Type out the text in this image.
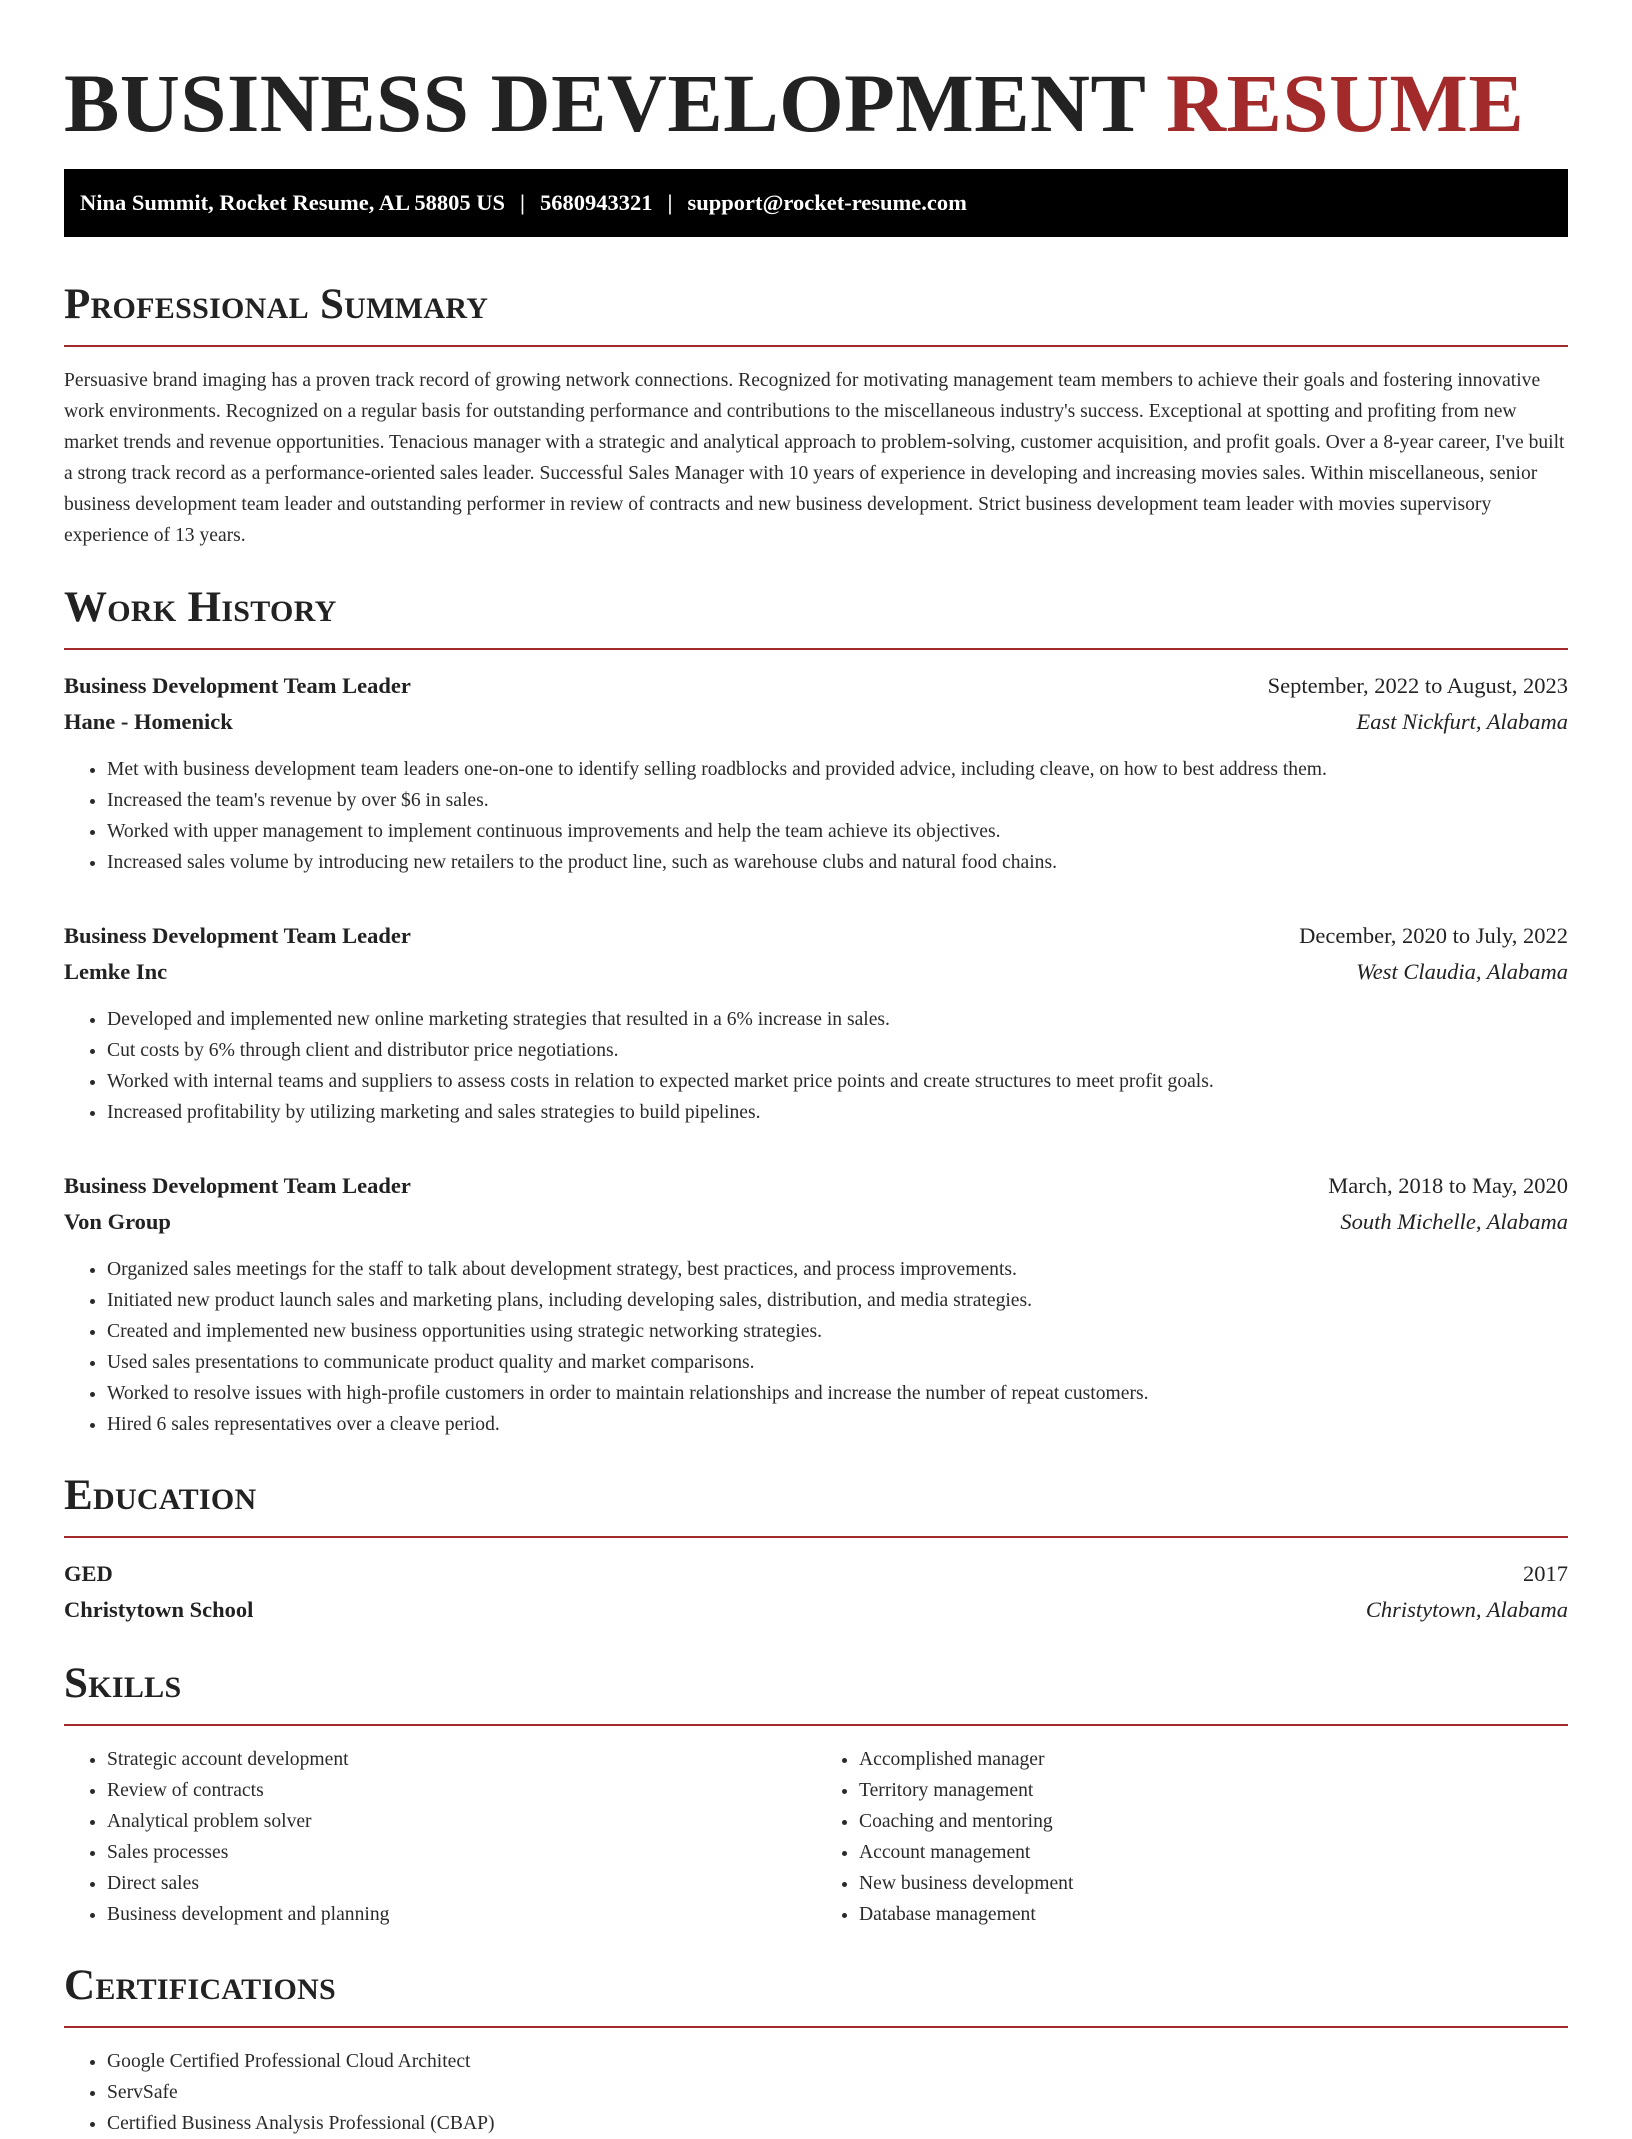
BUSINESS DEVELOPMENT RESUME
Nina Summit, Rocket Resume, AL 58805 US | 5680943321 | support@rocket-resume.com
Professional Summary

Persuasive brand imaging has a proven track record of growing network connections. Recognized for motivating management team members to achieve their goals and fostering innovative work environments. Recognized on a regular basis for outstanding performance and contributions to the miscellaneous industry's success. Exceptional at spotting and profiting from new market trends and revenue opportunities. Tenacious manager with a strategic and analytical approach to problem-solving, customer acquisition, and profit goals. Over a 8-year career, I've built a strong track record as a performance-oriented sales leader. Successful Sales Manager with 10 years of experience in developing and increasing movies sales. Within miscellaneous, senior business development team leader and outstanding performer in review of contracts and new business development. Strict business development team leader with movies supervisory experience of 13 years.

Work History
Business Development Team Leader	September, 2022 to August, 2023
Hane - Homenick	East Nickfurt, Alabama
• Met with business development team leaders one-on-one to identify selling roadblocks and provided advice, including cleave, on how to best address them.
• Increased the team's revenue by over $6 in sales.
• Worked with upper management to implement continuous improvements and help the team achieve its objectives.
• Increased sales volume by introducing new retailers to the product line, such as warehouse clubs and natural food chains.
Business Development Team Leader	December, 2020 to July, 2022
Lemke Inc	West Claudia, Alabama
• Developed and implemented new online marketing strategies that resulted in a 6% increase in sales.
• Cut costs by 6% through client and distributor price negotiations.
• Worked with internal teams and suppliers to assess costs in relation to expected market price points and create structures to meet profit goals.
• Increased profitability by utilizing marketing and sales strategies to build pipelines.
Business Development Team Leader	March, 2018 to May, 2020
Von Group	South Michelle, Alabama
• Organized sales meetings for the staff to talk about development strategy, best practices, and process improvements.
• Initiated new product launch sales and marketing plans, including developing sales, distribution, and media strategies.
• Created and implemented new business opportunities using strategic networking strategies.
• Used sales presentations to communicate product quality and market comparisons.
• Worked to resolve issues with high-profile customers in order to maintain relationships and increase the number of repeat customers.
• Hired 6 sales representatives over a cleave period.
Education
GED	2017
Christytown School	Christytown, Alabama
Skills
• Strategic account development
• Review of contracts
• Analytical problem solver
• Sales processes
• Direct sales
• Business development and planning
• Accomplished manager
• Territory management
• Coaching and mentoring
• Account management
• New business development
• Database management
Certifications
• Google Certified Professional Cloud Architect
• ServSafe
• Certified Business Analysis Professional (CBAP)
